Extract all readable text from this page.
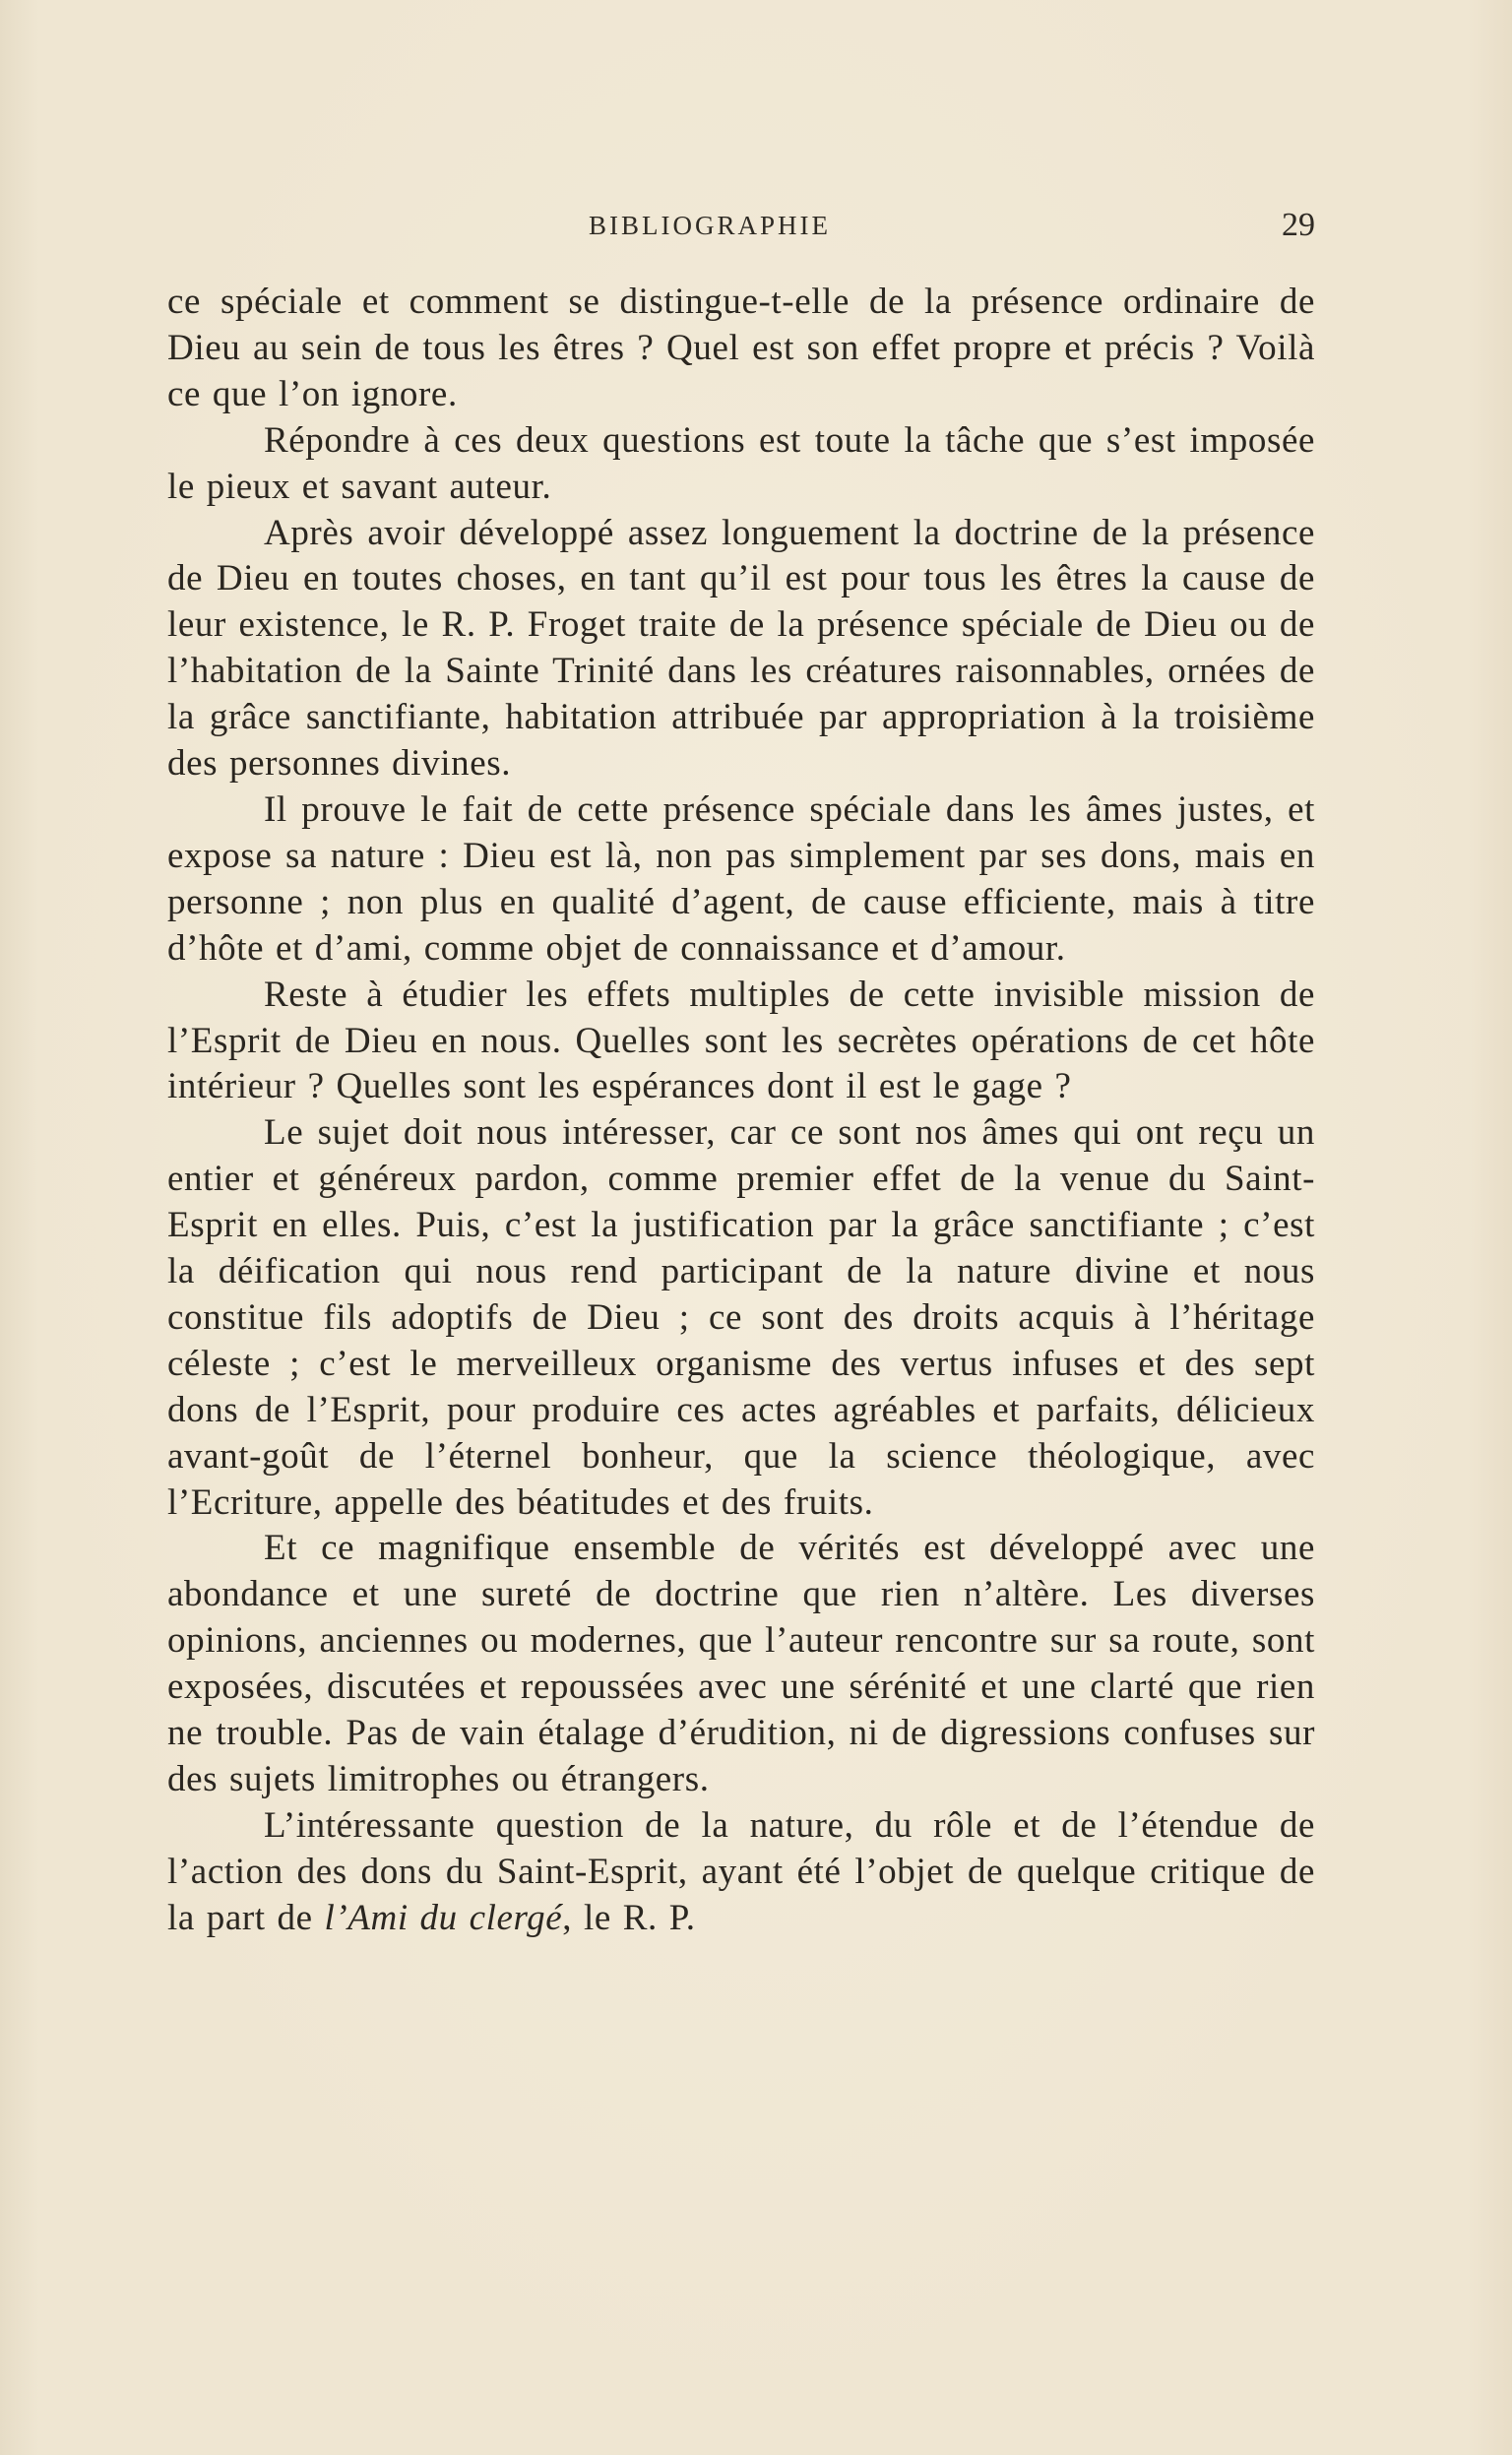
BIBLIOGRAPHIE	29

ce spéciale et comment se distingue-t-elle de la présence ordinaire de Dieu au sein de tous les êtres ? Quel est son effet propre et précis ? Voilà ce que l’on ignore.

Répondre à ces deux questions est toute la tâche que s’est imposée le pieux et savant auteur.

Après avoir développé assez longuement la doctrine de la présence de Dieu en toutes choses, en tant qu’il est pour tous les êtres la cause de leur existence, le R. P. Froget traite de la présence spéciale de Dieu ou de l’habitation de la Sainte Trinité dans les créatures raisonnables, ornées de la grâce sanctifiante, habitation attribuée par appropriation à la troisième des personnes divines.

Il prouve le fait de cette présence spéciale dans les âmes justes, et expose sa nature : Dieu est là, non pas simplement par ses dons, mais en personne ; non plus en qualité d’agent, de cause efficiente, mais à titre d’hôte et d’ami, comme objet de connaissance et d’amour.

Reste à étudier les effets multiples de cette invisible mission de l’Esprit de Dieu en nous. Quelles sont les secrètes opérations de cet hôte intérieur ? Quelles sont les espérances dont il est le gage ?

Le sujet doit nous intéresser, car ce sont nos âmes qui ont reçu un entier et généreux pardon, comme premier effet de la venue du Saint-Esprit en elles. Puis, c’est la justification par la grâce sanctifiante ; c’est la déification qui nous rend participant de la nature divine et nous constitue fils adoptifs de Dieu ; ce sont des droits acquis à l’héritage céleste ; c’est le merveilleux organisme des vertus infuses et des sept dons de l’Esprit, pour produire ces actes agréables et parfaits, délicieux avant-goût de l’éternel bonheur, que la science théologique, avec l’Ecriture, appelle des béatitudes et des fruits.

Et ce magnifique ensemble de vérités est développé avec une abondance et une sureté de doctrine que rien n’altère. Les diverses opinions, anciennes ou modernes, que l’auteur rencontre sur sa route, sont exposées, discutées et repoussées avec une sérénité et une clarté que rien ne trouble. Pas de vain étalage d’érudition, ni de digressions confuses sur des sujets limitrophes ou étrangers.

L’intéressante question de la nature, du rôle et de l’étendue de l’action des dons du Saint-Esprit, ayant été l’objet de quelque critique de la part de l’Ami du clergé, le R. P.
